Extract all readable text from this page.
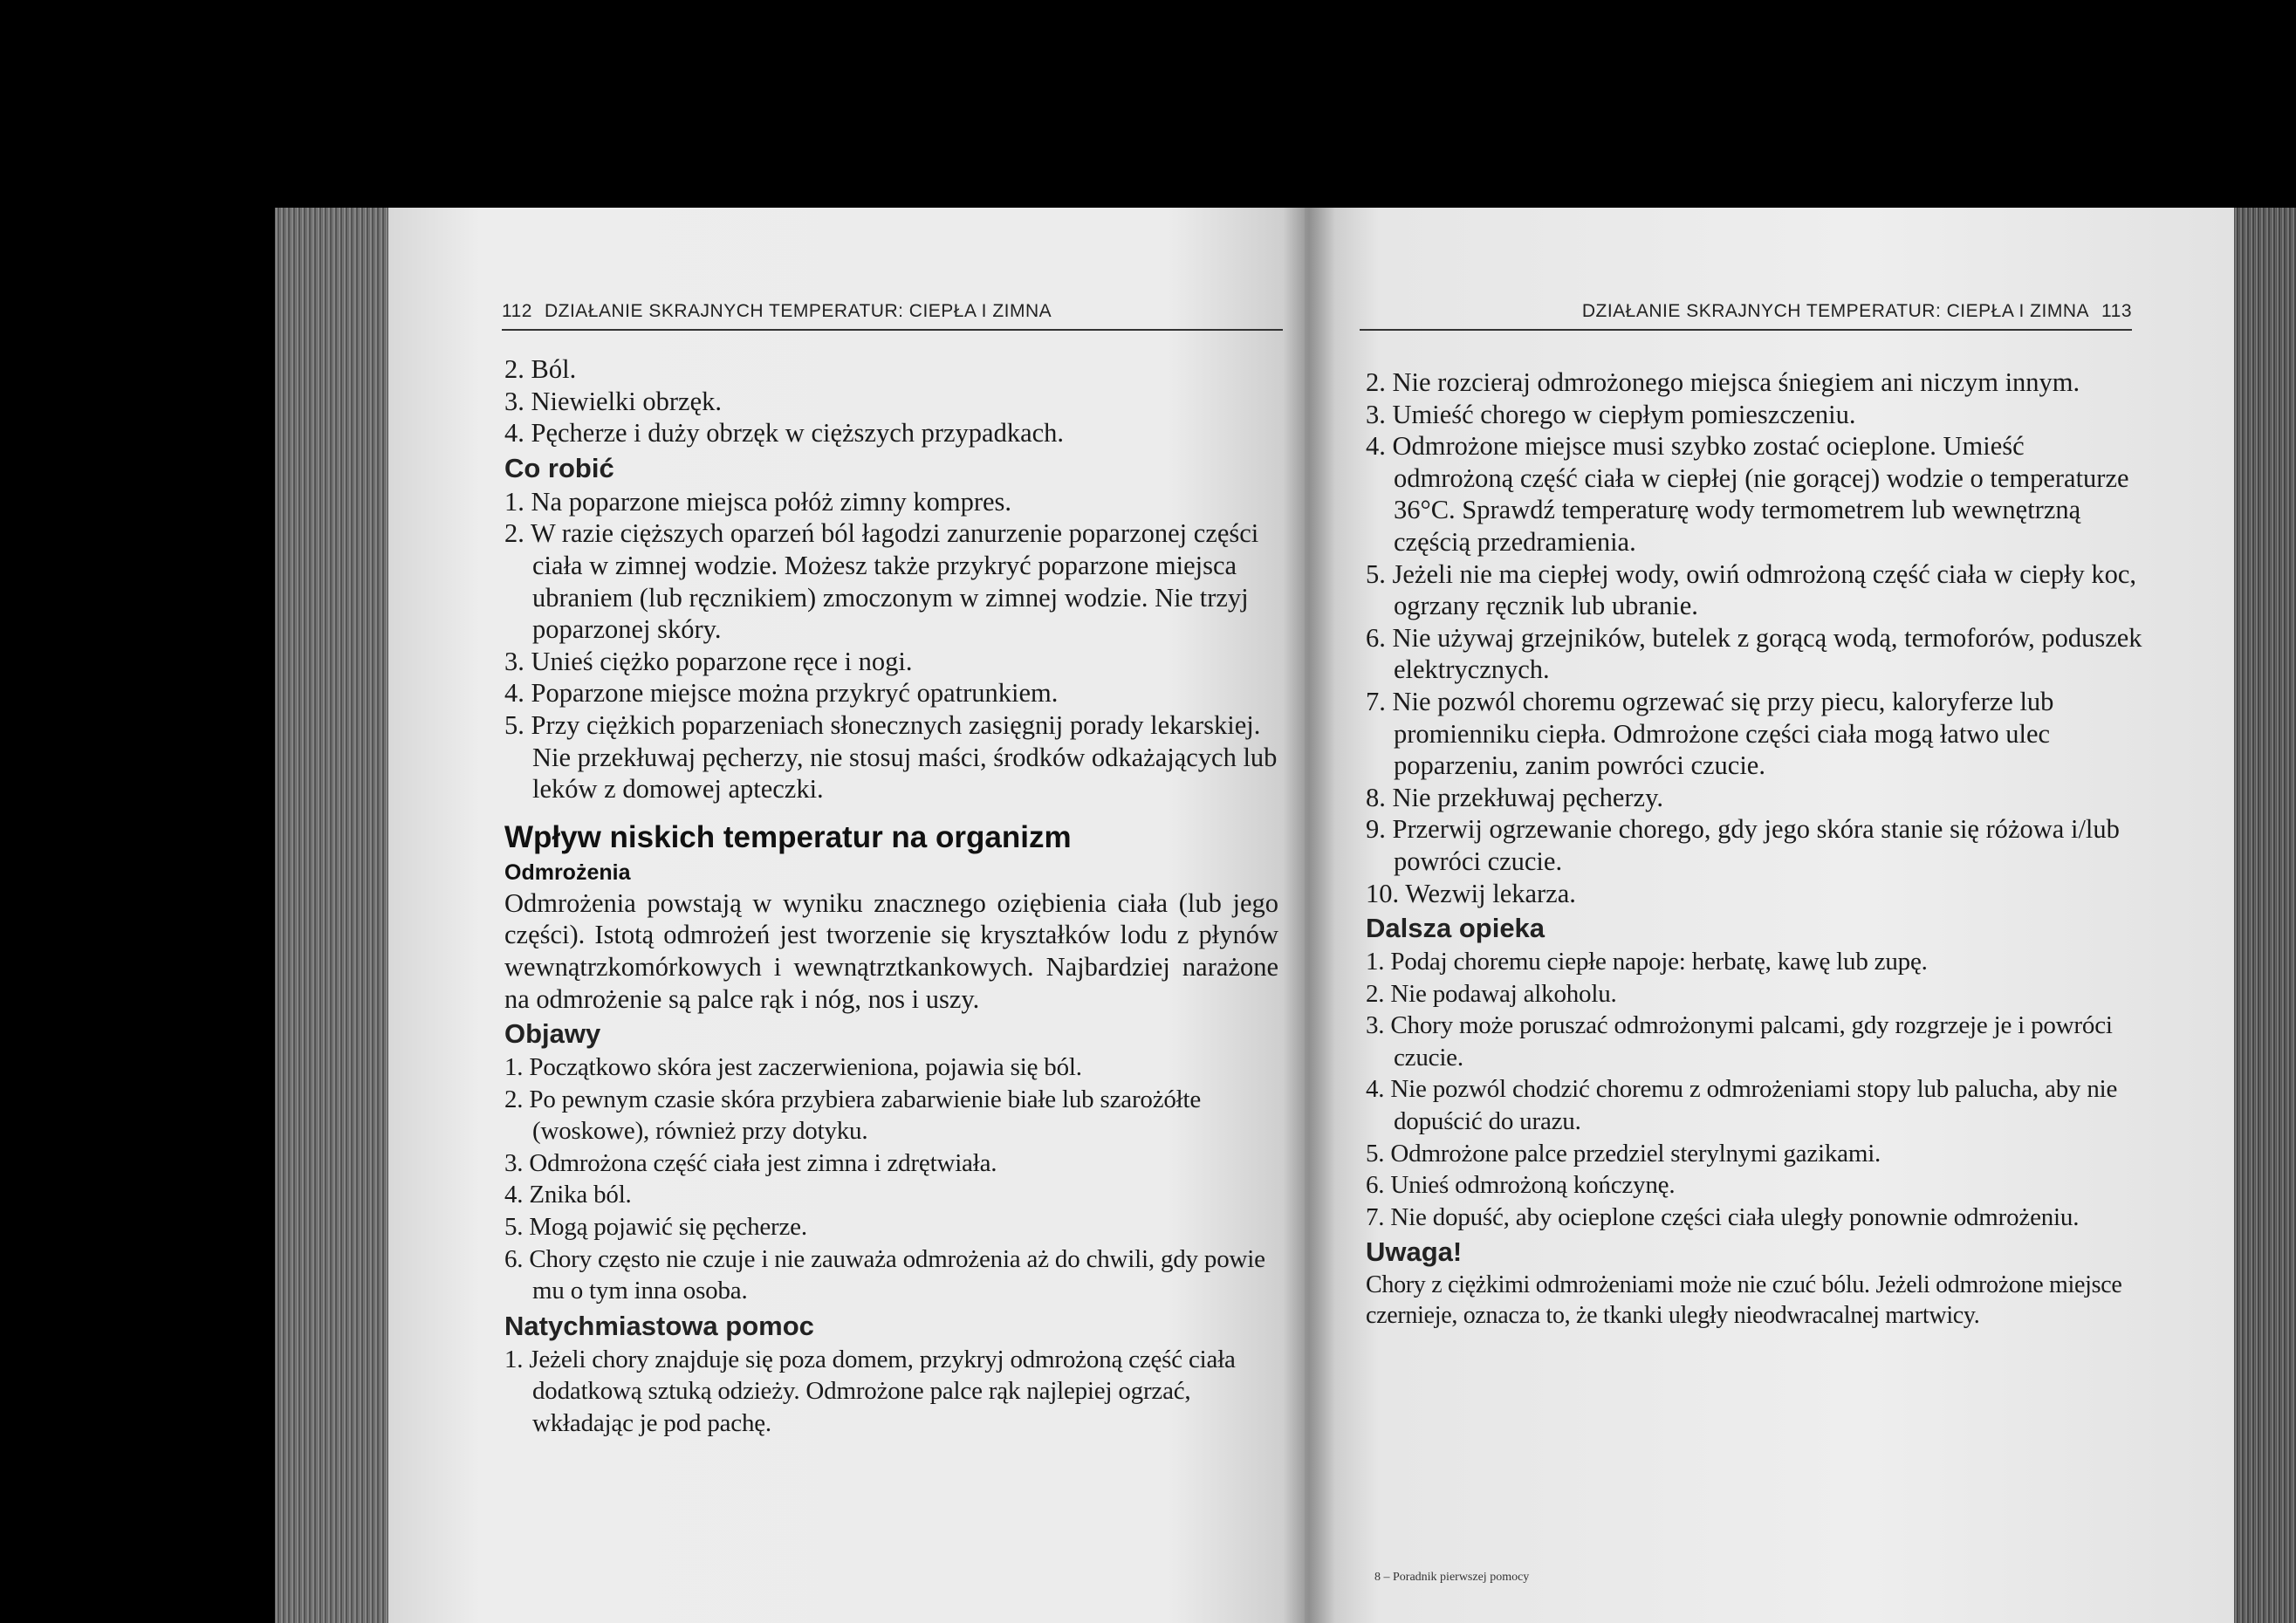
112 DZIAŁANIE SKRAJNYCH TEMPERATUR: CIEPŁA I ZIMNA	DZIAŁANIE SKRAJNYCH TEMPERATUR: CIEPŁA I ZIMNA 113

2. Ból.

3. Niewielki obrzęk.

4. Pęcherze i duży obrzęk w cięższych przypadkach.

Co robić

1. Na poparzone miejsca połóż zimny kompres.

2. W razie cięższych oparzeń ból łagodzi zanurzenie poparzonej części ciała w zimnej wodzie. Możesz także przykryć poparzone miejsca ubraniem (lub ręcznikiem) zmoczonym w zimnej wodzie. Nie trzyj poparzonej skóry.

3. Unieś ciężko poparzone ręce i nogi.

4. Poparzone miejsce można przykryć opatrunkiem.

5. Przy ciężkich poparzeniach słonecznych zasięgnij porady lekarskiej. Nie przekłuwaj pęcherzy, nie stosuj maści, środków odkażających lub leków z domowej apteczki.

Wpływ niskich temperatur na organizm
Odmrożenia

Odmrożenia powstają w wyniku znacznego oziębienia ciała (lub jego części). Istotą odmrożeń jest tworzenie się kryształków lodu z płynów wewnątrzkomórkowych i wewnątrztkankowych. Najbardziej narażone na odmrożenie są palce rąk i nóg, nos i uszy.

Objawy

1. Początkowo skóra jest zaczerwieniona, pojawia się ból.

2. Po pewnym czasie skóra przybiera zabarwienie białe lub szarożółte (woskowe), również przy dotyku.

3. Odmrożona część ciała jest zimna i zdrętwiała.

4. Znika ból.

5. Mogą pojawić się pęcherze.

6. Chory często nie czuje i nie zauważa odmrożenia aż do chwili, gdy powie mu o tym inna osoba.

Natychmiastowa pomoc

1. Jeżeli chory znajduje się poza domem, przykryj odmrożoną część ciała dodatkową sztuką odzieży. Odmrożone palce rąk najlepiej ogrzać, wkładając je pod pachę.

2. Nie rozcieraj odmrożonego miejsca śniegiem ani niczym innym.

3. Umieść chorego w ciepłym pomieszczeniu.

4. Odmrożone miejsce musi szybko zostać ocieplone. Umieść odmrożoną część ciała w ciepłej (nie gorącej) wodzie o temperaturze 36°C. Sprawdź temperaturę wody termometrem lub wewnętrzną częścią przedramienia.

5. Jeżeli nie ma ciepłej wody, owiń odmrożoną część ciała w ciepły koc, ogrzany ręcznik lub ubranie.

6. Nie używaj grzejników, butelek z gorącą wodą, termoforów, poduszek elektrycznych.

7. Nie pozwól choremu ogrzewać się przy piecu, kaloryferze lub promienniku ciepła. Odmrożone części ciała mogą łatwo ulec poparzeniu, zanim powróci czucie.

8. Nie przekłuwaj pęcherzy.

9. Przerwij ogrzewanie chorego, gdy jego skóra stanie się różowa i/lub powróci czucie.

10. Wezwij lekarza.

Dalsza opieka

1. Podaj choremu ciepłe napoje: herbatę, kawę lub zupę.

2. Nie podawaj alkoholu.

3. Chory może poruszać odmrożonymi palcami, gdy rozgrzeje je i powróci czucie.

4. Nie pozwól chodzić choremu z odmrożeniami stopy lub palucha, aby nie dopuścić do urazu.

5. Odmrożone palce przedziel sterylnymi gazikami.

6. Unieś odmrożoną kończynę.

7. Nie dopuść, aby ocieplone części ciała uległy ponownie odmrożeniu.

Uwaga!

Chory z ciężkimi odmrożeniami może nie czuć bólu. Jeżeli odmrożone miejsce czernieje, oznacza to, że tkanki uległy nieodwracalnej martwicy.

8 – Poradnik pierwszej pomocy
